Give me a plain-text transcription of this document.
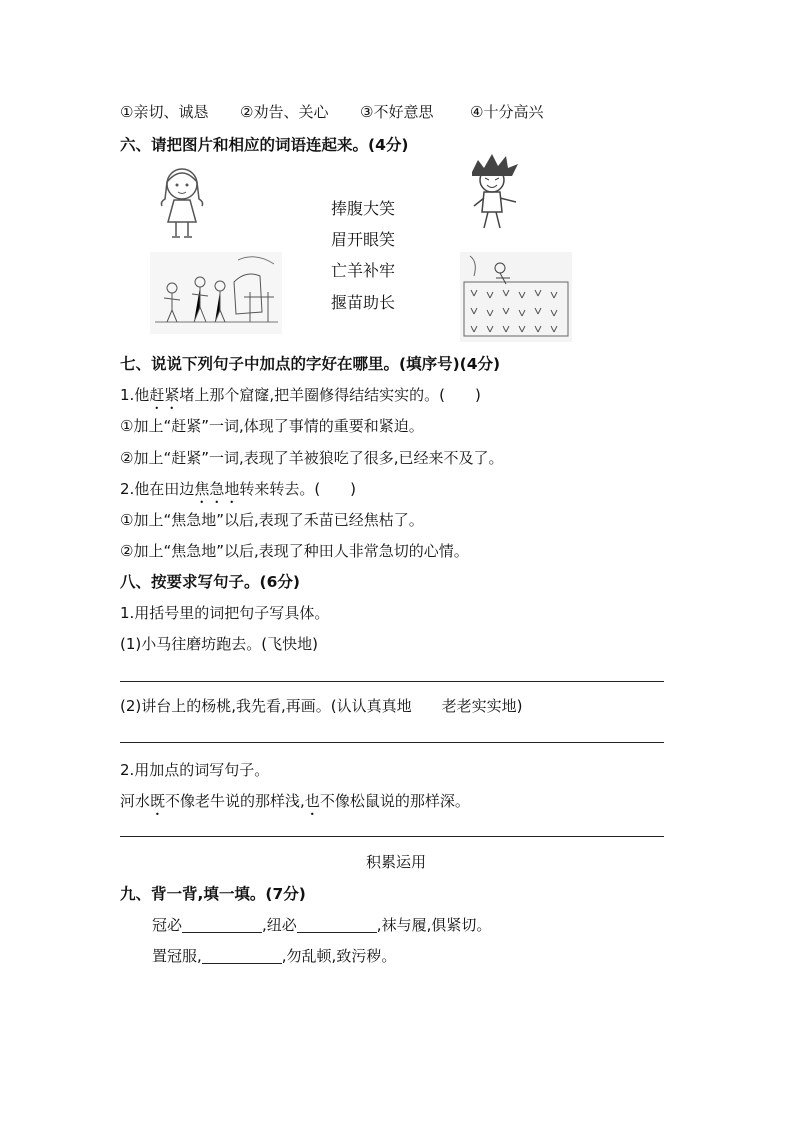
①亲切、诚恳 ②劝告、关心 ③不好意思 ④十分高兴
六、请把图片和相应的词语连起来。(4分)
捧腹大笑
眉开眼笑
亡羊补牢
揠苗助长
七、说说下列句子中加点的字好在哪里。(填序号)(4分)
1.他赶紧堵上那个窟窿,把羊圈修得结结实实的。(　　)
①加上“赶紧”一词,体现了事情的重要和紧迫。
②加上“赶紧”一词,表现了羊被狼吃了很多,已经来不及了。
2.他在田边焦急地转来转去。(　　)
①加上“焦急地”以后,表现了禾苗已经焦枯了。
②加上“焦急地”以后,表现了种田人非常急切的心情。
八、按要求写句子。(6分)
1.用括号里的词把句子写具体。
(1)小马往磨坊跑去。(飞快地)
(2)讲台上的杨桃,我先看,再画。(认认真真地　　老老实实地)
2.用加点的词写句子。
河水既不像老牛说的那样浅,也不像松鼠说的那样深。
积累运用
九、背一背,填一填。(7分)
冠必	,纽必	,袜与履,俱紧切。
置冠服,	,勿乱顿,致污秽。
